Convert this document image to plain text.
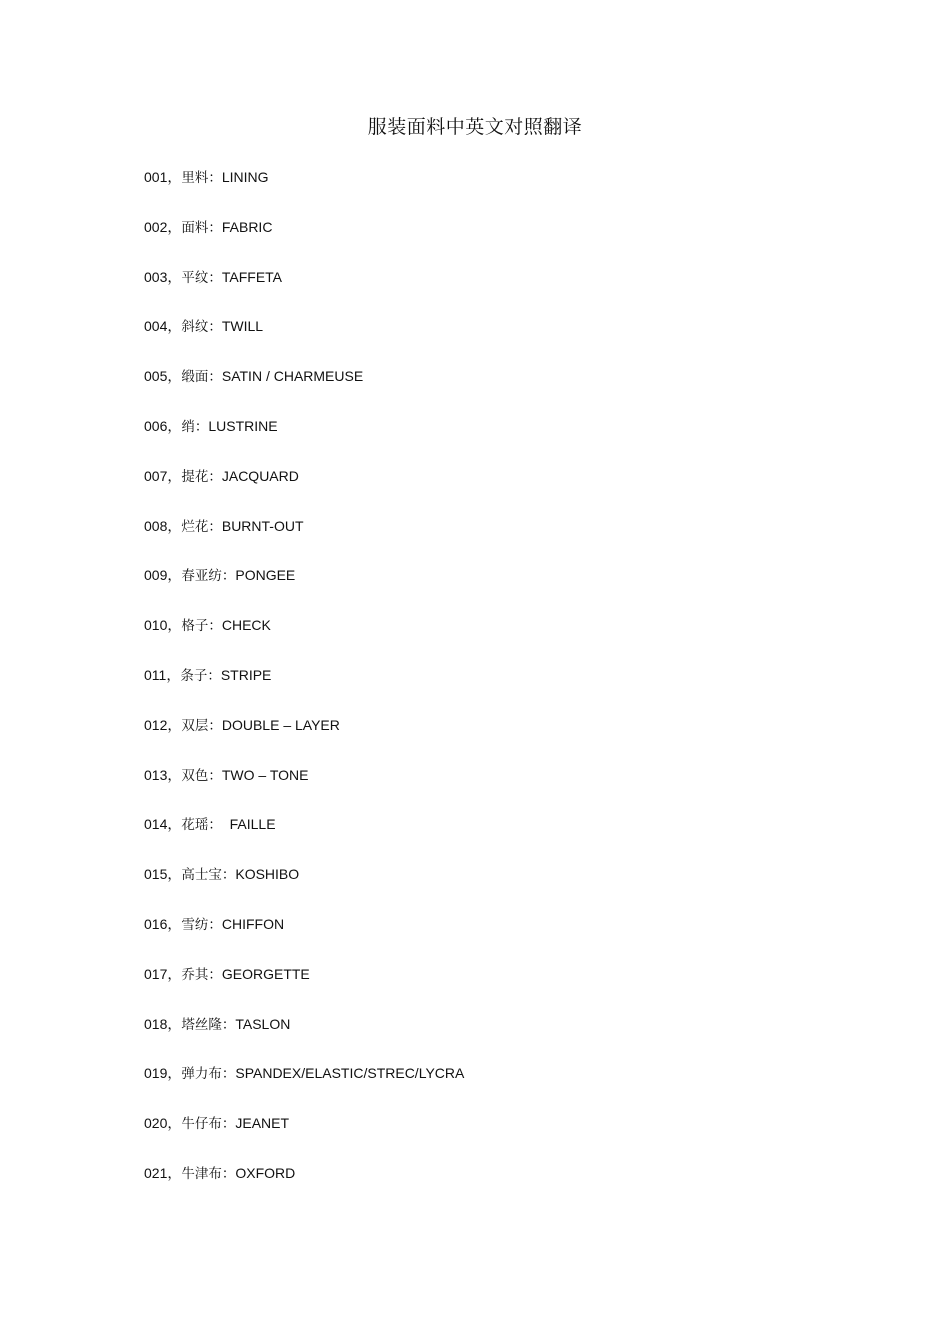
服装面料中英文对照翻译
001，里料：LINING
002，面料：FABRIC
003，平纹：TAFFETA
004，斜纹：TWILL
005，缎面：SATIN / CHARMEUSE
006，绡：LUSTRINE
007，提花：JACQUARD
008，烂花：BURNT-OUT
009，春亚纺：PONGEE
010，格子：CHECK
011，条子：STRIPE
012，双层：DOUBLE – LAYER
013，双色：TWO – TONE
014，花瑶：  FAILLE
015，高士宝：KOSHIBO
016，雪纺：CHIFFON
017，乔其：GEORGETTE
018，塔丝隆：TASLON
019，弹力布：SPANDEX/ELASTIC/STREC/LYCRA
020，牛仔布：JEANET
021，牛津布：OXFORD
